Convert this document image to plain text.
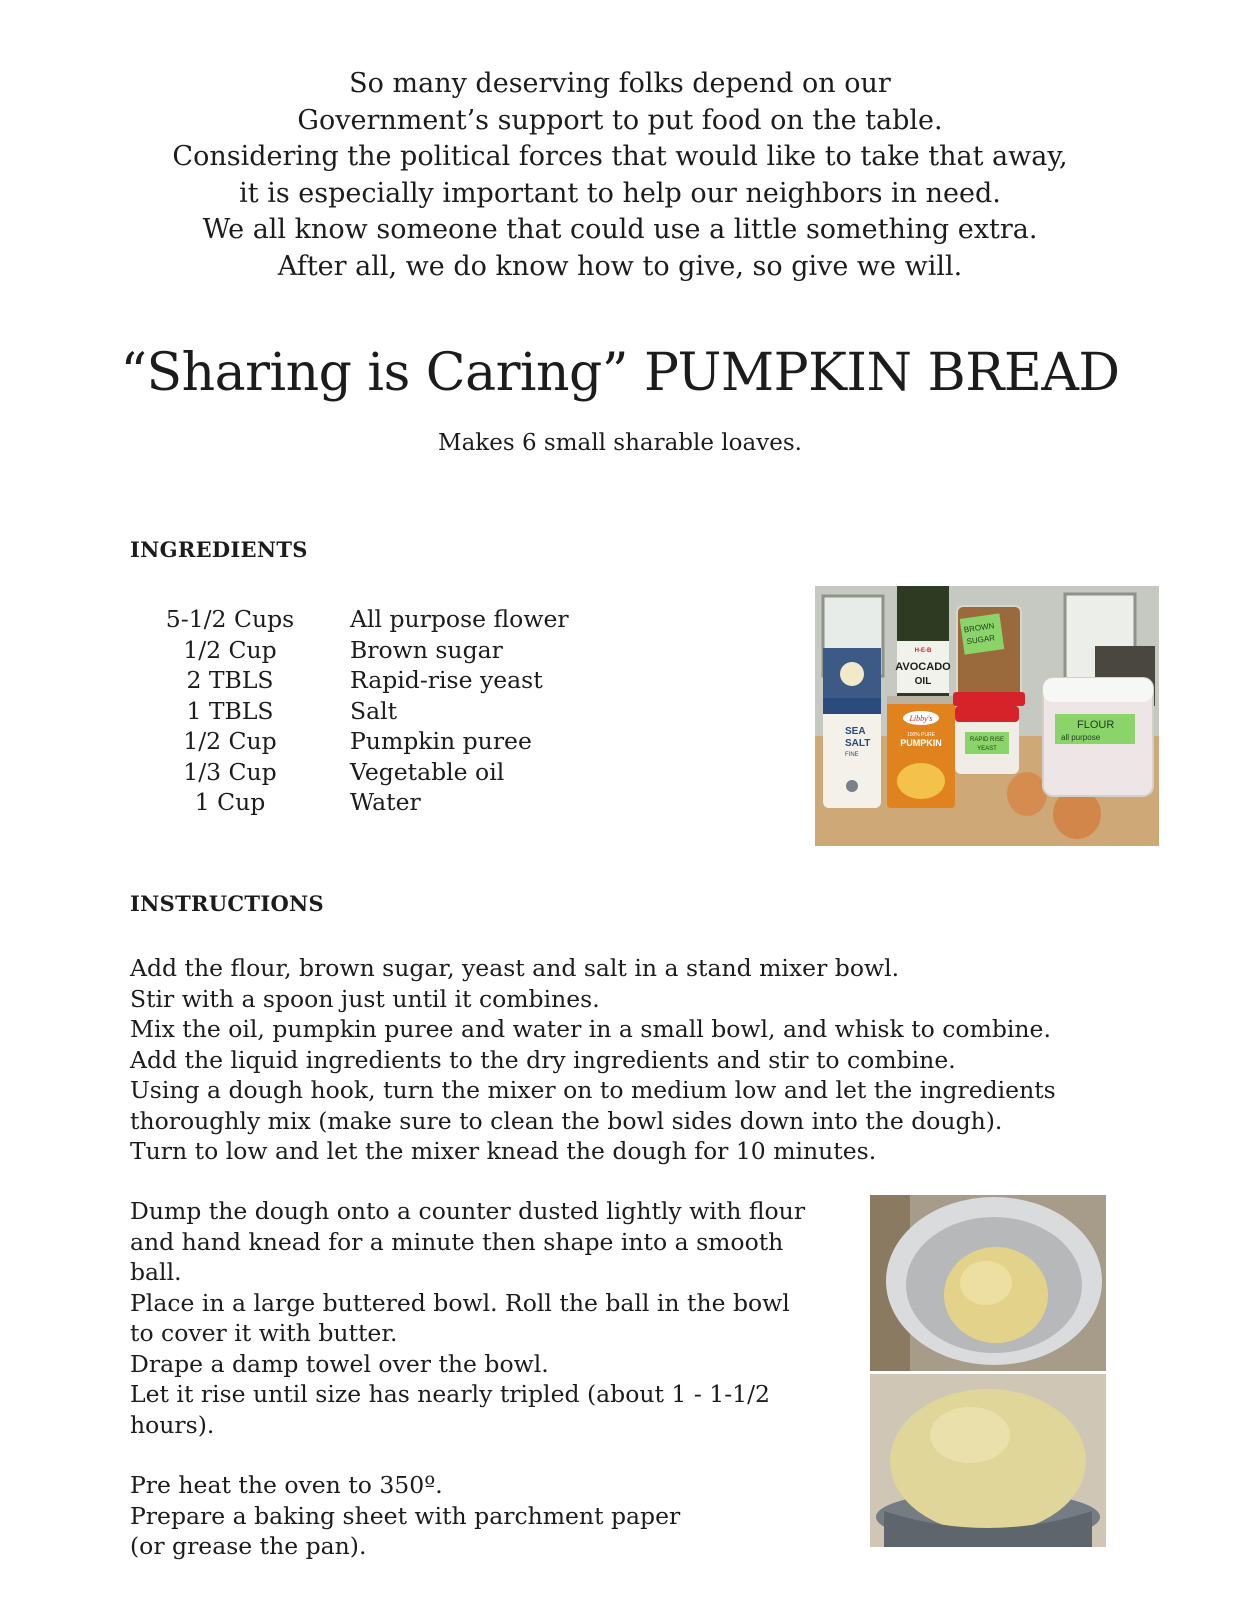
So many deserving folks depend on our
Government’s support to put food on the table.
Considering the political forces that would like to take that away,
it is especially important to help our neighbors in need.
We all know someone that could use a little something extra.
After all, we do know how to give, so give we will.
“Sharing is Caring” PUMPKIN BREAD
Makes 6 small sharable loaves.
INGREDIENTS
5-1/2 Cups	All purpose flower
1/2 Cup	Brown sugar
2 TBLS	Rapid-rise yeast
1 TBLS	Salt
1/2 Cup	Pumpkin puree
1/3 Cup	Vegetable oil
1 Cup	Water
SEA
SALT
FINE
H-E-B
AVOCADO
OIL
Libby's
100% PURE
PUMPKIN
BROWN
SUGAR
RAPID RISE
YEAST
FLOUR
all purpose
INSTRUCTIONS
Add the flour, brown sugar, yeast and salt in a stand mixer bowl.
Stir with a spoon just until it combines.
Mix the oil, pumpkin puree and water in a small bowl, and whisk to combine.
Add the liquid ingredients to the dry ingredients and stir to combine.
Using a dough hook, turn the mixer on to medium low and let the ingredients
thoroughly mix (make sure to clean the bowl sides down into the dough).
Turn to low and let the mixer knead the dough for 10 minutes.
Dump the dough onto a counter dusted lightly with flour
and hand knead for a minute then shape into a smooth
ball.
Place in a large buttered bowl. Roll the ball in the bowl
to cover it with butter.
Drape a damp towel over the bowl.
Let it rise until size has nearly tripled (about 1 - 1-1/2
hours).
Pre heat the oven to 350º.
Prepare a baking sheet with parchment paper
(or grease the pan).
